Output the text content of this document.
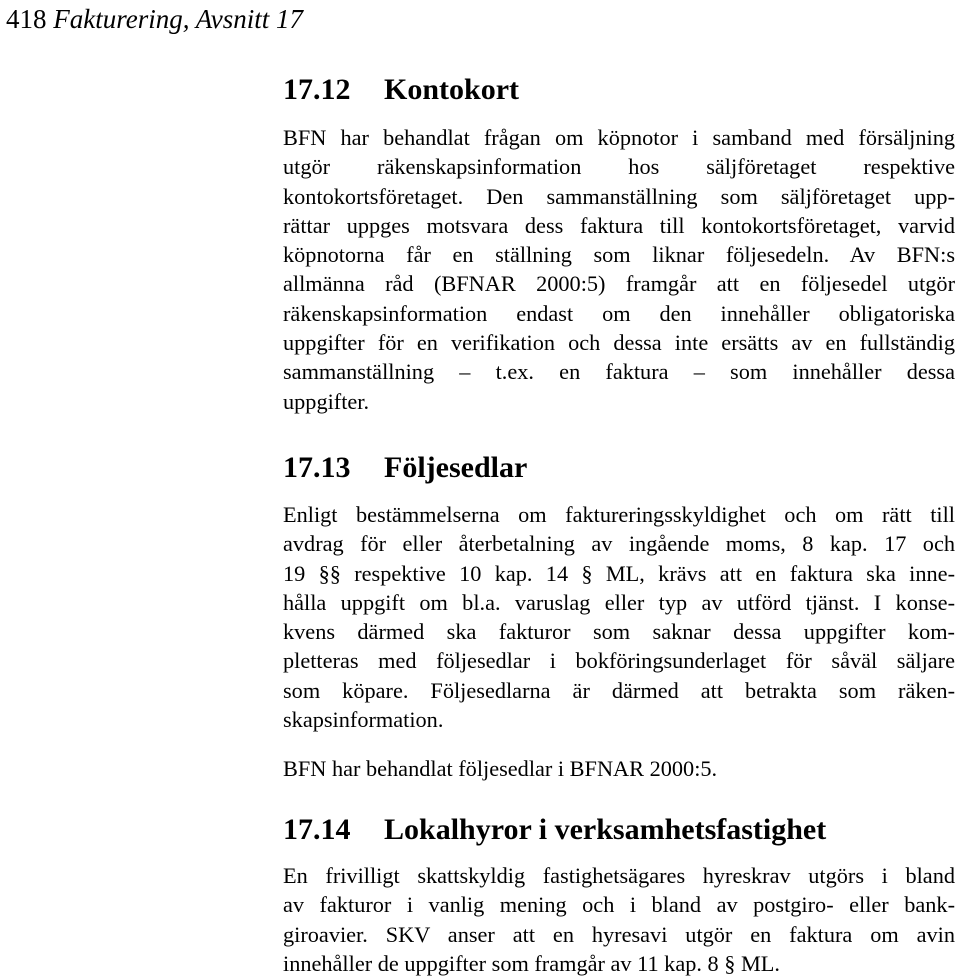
418 Fakturering, Avsnitt 17
17.12 Kontokort

BFN har behandlat frågan om köpnotor i samband med försäljning
utgör räkenskapsinformation hos säljföretaget respektive
kontokortsföretaget. Den sammanställning som säljföretaget upp-
rättar uppges motsvara dess faktura till kontokortsföretaget, varvid
köpnotorna får en ställning som liknar följesedeln. Av BFN:s
allmänna råd (BFNAR 2000:5) framgår att en följesedel utgör
räkenskapsinformation endast om den innehåller obligatoriska
uppgifter för en verifikation och dessa inte ersätts av en fullständig
sammanställning – t.ex. en faktura – som innehåller dessa
uppgifter.

17.13 Följesedlar

Enligt bestämmelserna om faktureringsskyldighet och om rätt till
avdrag för eller återbetalning av ingående moms, 8 kap. 17 och
19 §§ respektive 10 kap. 14 § ML, krävs att en faktura ska inne-
hålla uppgift om bl.a. varuslag eller typ av utförd tjänst. I konse-
kvens därmed ska fakturor som saknar dessa uppgifter kom-
pletteras med följesedlar i bokföringsunderlaget för såväl säljare
som köpare. Följesedlarna är därmed att betrakta som räken-
skapsinformation.

BFN har behandlat följesedlar i BFNAR 2000:5.

17.14 Lokalhyror i verksamhetsfastighet

En frivilligt skattskyldig fastighetsägares hyreskrav utgörs i bland
av fakturor i vanlig mening och i bland av postgiro- eller bank-
giroavier. SKV anser att en hyresavi utgör en faktura om avin
innehåller de uppgifter som framgår av 11 kap. 8 § ML.
